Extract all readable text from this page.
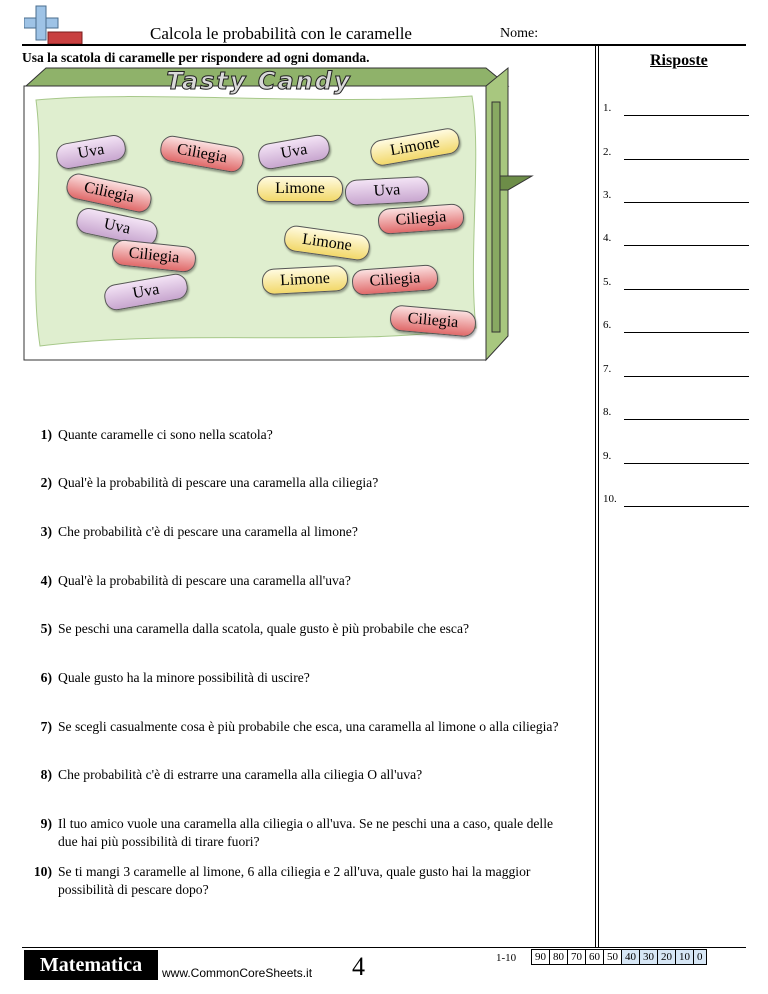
Calcola le probabilità con le caramelle	Nome:
Usa la scatola di caramelle per rispondere ad ogni domanda.
Tasty Candy
Uva	Ciliegia	Uva	Limone
Ciliegia	Limone	Uva
Ciliegia
Uva
Limone
Ciliegia
Limone	Ciliegia
Uva
Ciliegia
Risposte
1.
2.
3.
4.
5.
6.
7.
8.
9.
10.
1) Quante caramelle ci sono nella scatola?
2) Qual'è la probabilità di pescare una caramella alla ciliegia?
3) Che probabilità c'è di pescare una caramella al limone?
4) Qual'è la probabilità di pescare una caramella all'uva?
5) Se peschi una caramella dalla scatola, quale gusto è più probabile che esca?
6) Quale gusto ha la minore possibilità di uscire?
7) Se scegli casualmente cosa è più probabile che esca, una caramella al limone o alla ciliegia?
8) Che probabilità c'è di estrarre una caramella alla ciliegia O all'uva?
9) Il tuo amico vuole una caramella alla ciliegia o all'uva. Se ne peschi una a caso, quale delle due hai più possibilità di tirare fuori?
10) Se ti mangi 3 caramelle al limone, 6 alla ciliegia e 2 all'uva, quale gusto hai la maggior possibilità di pescare dopo?
Matematica	www.CommonCoreSheets.it 4	1-10 90	80	70	60	50	40	30	20	10	0
